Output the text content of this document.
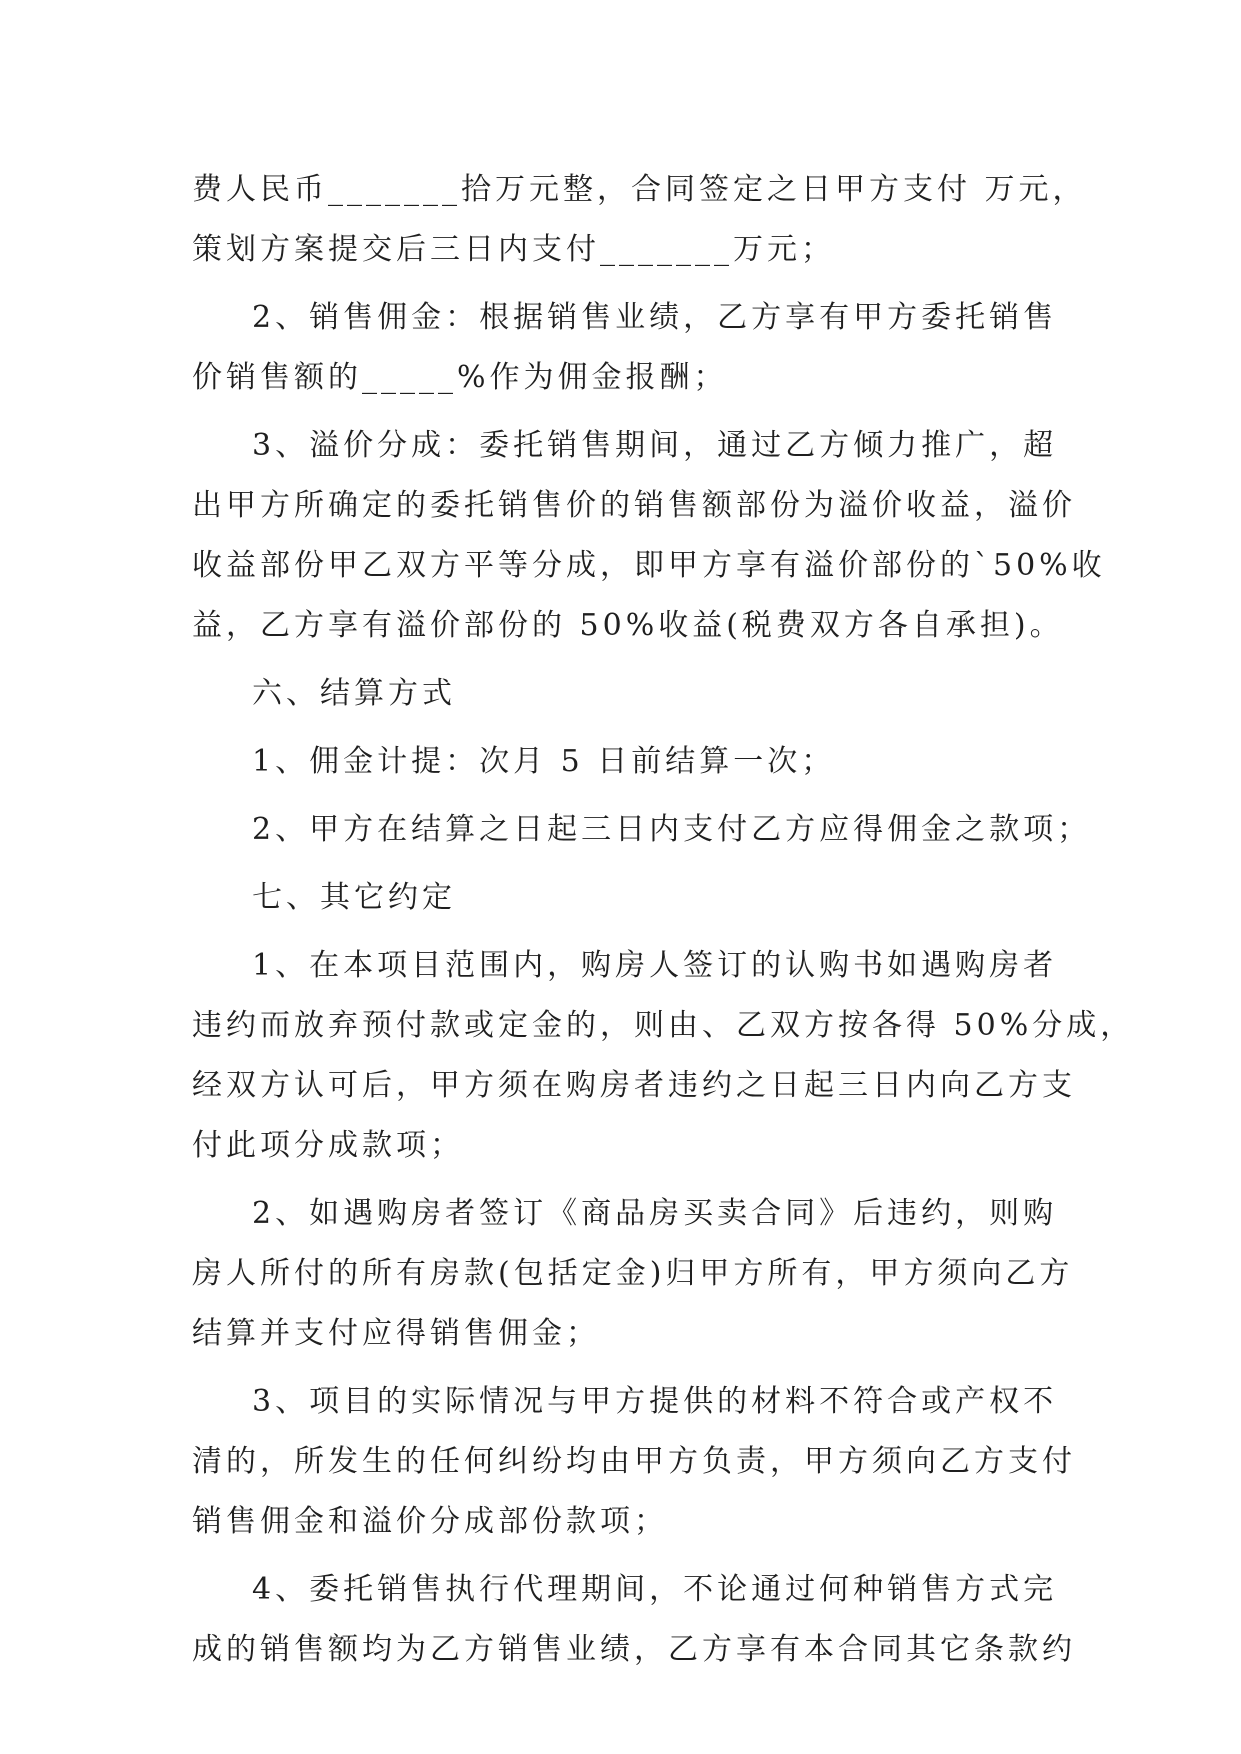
费人民币_______拾万元整，合同签定之日甲方支付 万元，
策划方案提交后三日内支付_______万元；
2、销售佣金：根据销售业绩，乙方享有甲方委托销售
价销售额的_____%作为佣金报酬；
3、溢价分成：委托销售期间，通过乙方倾力推广，超
出甲方所确定的委托销售价的销售额部份为溢价收益，溢价
收益部份甲乙双方平等分成，即甲方享有溢价部份的`50%收
益，乙方享有溢价部份的 50%收益(税费双方各自承担)。
六、结算方式
1、佣金计提：次月 5 日前结算一次；
2、甲方在结算之日起三日内支付乙方应得佣金之款项；
七、其它约定
1、在本项目范围内，购房人签订的认购书如遇购房者
违约而放弃预付款或定金的，则由、乙双方按各得 50%分成，
经双方认可后，甲方须在购房者违约之日起三日内向乙方支
付此项分成款项；
2、如遇购房者签订《商品房买卖合同》后违约，则购
房人所付的所有房款(包括定金)归甲方所有，甲方须向乙方
结算并支付应得销售佣金；
3、项目的实际情况与甲方提供的材料不符合或产权不
清的，所发生的任何纠纷均由甲方负责，甲方须向乙方支付
销售佣金和溢价分成部份款项；
4、委托销售执行代理期间，不论通过何种销售方式完
成的销售额均为乙方销售业绩，乙方享有本合同其它条款约
